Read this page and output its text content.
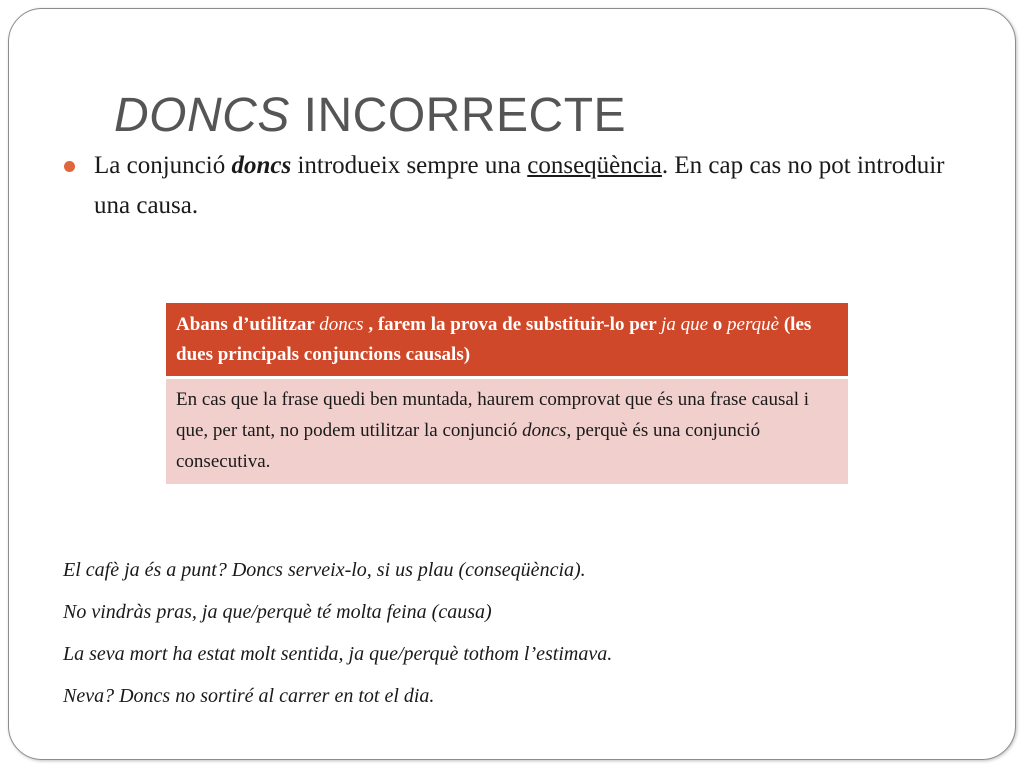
DONCS INCORRECTE
La conjunció doncs introdueix sempre una conseqüència. En cap cas no pot introduir una causa.
Abans d’utilitzar doncs , farem la prova de substituir-lo per ja que o perquè (les dues principals conjuncions causals)
En cas que la frase quedi ben muntada, haurem comprovat que és una frase causal i que, per tant, no podem utilitzar la conjunció doncs, perquè és una conjunció consecutiva.

El cafè ja és a punt? Doncs serveix-lo, si us plau (conseqüència).

No vindràs pras, ja que/perquè té molta feina (causa)

La seva mort ha estat molt sentida, ja que/perquè tothom l’estimava.

Neva? Doncs no sortiré al carrer en tot el dia.
